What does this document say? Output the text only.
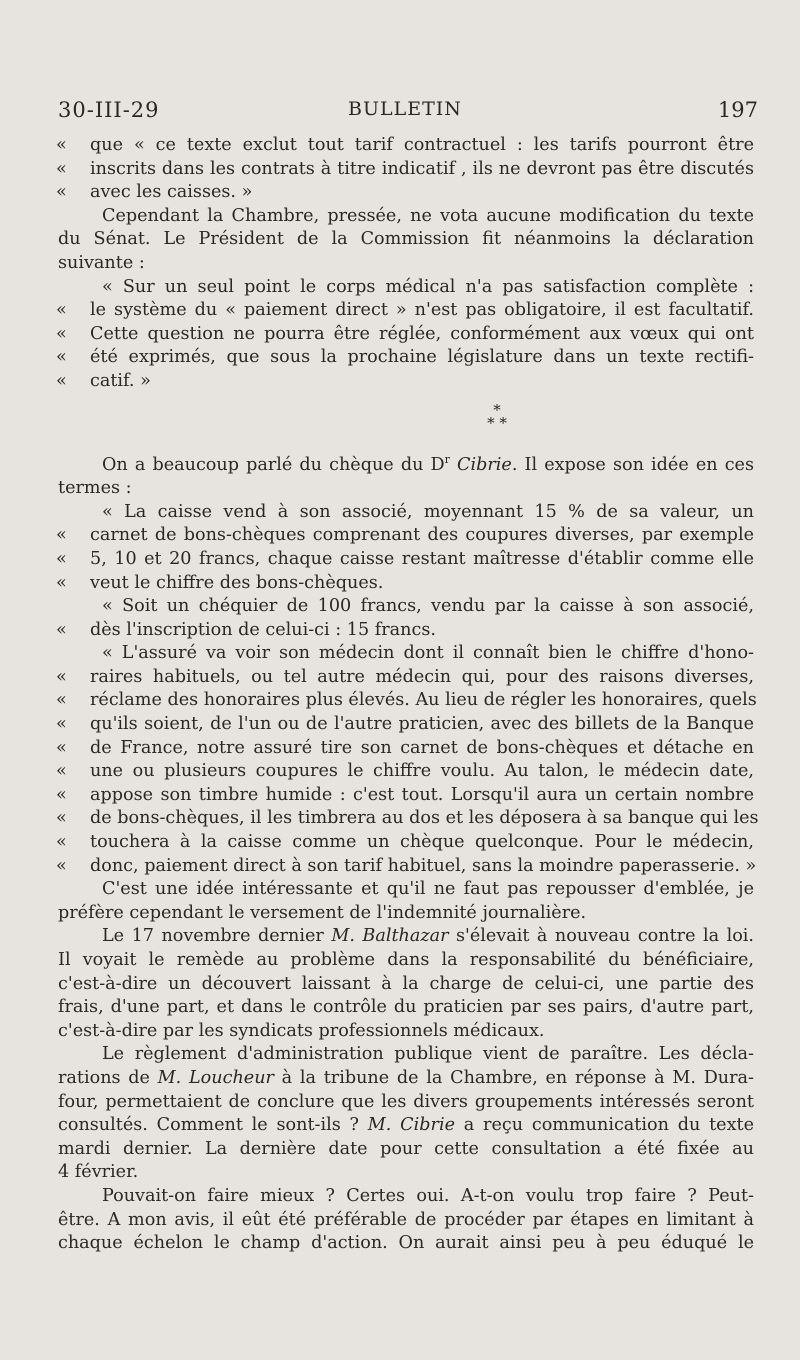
30-III-29	BULLETIN	197
« que « ce texte exclut tout tarif contractuel : les tarifs pourront être
« inscrits dans les contrats à titre indicatif , ils ne devront pas être discutés
« avec les caisses. »
Cependant la Chambre, pressée, ne vota aucune modification du texte
du Sénat. Le Président de la Commission fit néanmoins la déclaration
suivante :
« Sur un seul point le corps médical n'a pas satisfaction complète :
« le système du « paiement direct » n'est pas obligatoire, il est facultatif.
« Cette question ne pourra être réglée, conformément aux vœux qui ont
« été exprimés, que sous la prochaine législature dans un texte rectifi-
« catif. »
*
* *
On a beaucoup parlé du chèque du $D^r$ Cibrie. Il expose son idée en ces
termes :
« La caisse vend à son associé, moyennant 15 % de sa valeur, un
« carnet de bons-chèques comprenant des coupures diverses, par exemple
« 5, 10 et 20 francs, chaque caisse restant maîtresse d'établir comme elle
« veut le chiffre des bons-chèques.
« Soit un chéquier de 100 francs, vendu par la caisse à son associé,
« dès l'inscription de celui-ci : 15 francs.
« L'assuré va voir son médecin dont il connaît bien le chiffre d'hono-
« raires habituels, ou tel autre médecin qui, pour des raisons diverses,
« réclame des honoraires plus élevés. Au lieu de régler les honoraires, quels
« qu'ils soient, de l'un ou de l'autre praticien, avec des billets de la Banque
« de France, notre assuré tire son carnet de bons-chèques et détache en
« une ou plusieurs coupures le chiffre voulu. Au talon, le médecin date,
« appose son timbre humide : c'est tout. Lorsqu'il aura un certain nombre
« de bons-chèques, il les timbrera au dos et les déposera à sa banque qui les
« touchera à la caisse comme un chèque quelconque. Pour le médecin,
« donc, paiement direct à son tarif habituel, sans la moindre paperasserie. »
C'est une idée intéressante et qu'il ne faut pas repousser d'emblée, je
préfère cependant le versement de l'indemnité journalière.
Le 17 novembre dernier M. Balthazar s'élevait à nouveau contre la loi.
Il voyait le remède au problème dans la responsabilité du bénéficiaire,
c'est-à-dire un découvert laissant à la charge de celui-ci, une partie des
frais, d'une part, et dans le contrôle du praticien par ses pairs, d'autre part,
c'est-à-dire par les syndicats professionnels médicaux.
Le règlement d'administration publique vient de paraître. Les décla-
rations de M. Loucheur à la tribune de la Chambre, en réponse à M. Dura-
four, permettaient de conclure que les divers groupements intéressés seront
consultés. Comment le sont-ils ? M. Cibrie a reçu communication du texte
mardi dernier. La dernière date pour cette consultation a été fixée au
4 février.
Pouvait-on faire mieux ? Certes oui. A-t-on voulu trop faire ? Peut-
être. A mon avis, il eût été préférable de procéder par étapes en limitant à
chaque échelon le champ d'action. On aurait ainsi peu à peu éduqué le
